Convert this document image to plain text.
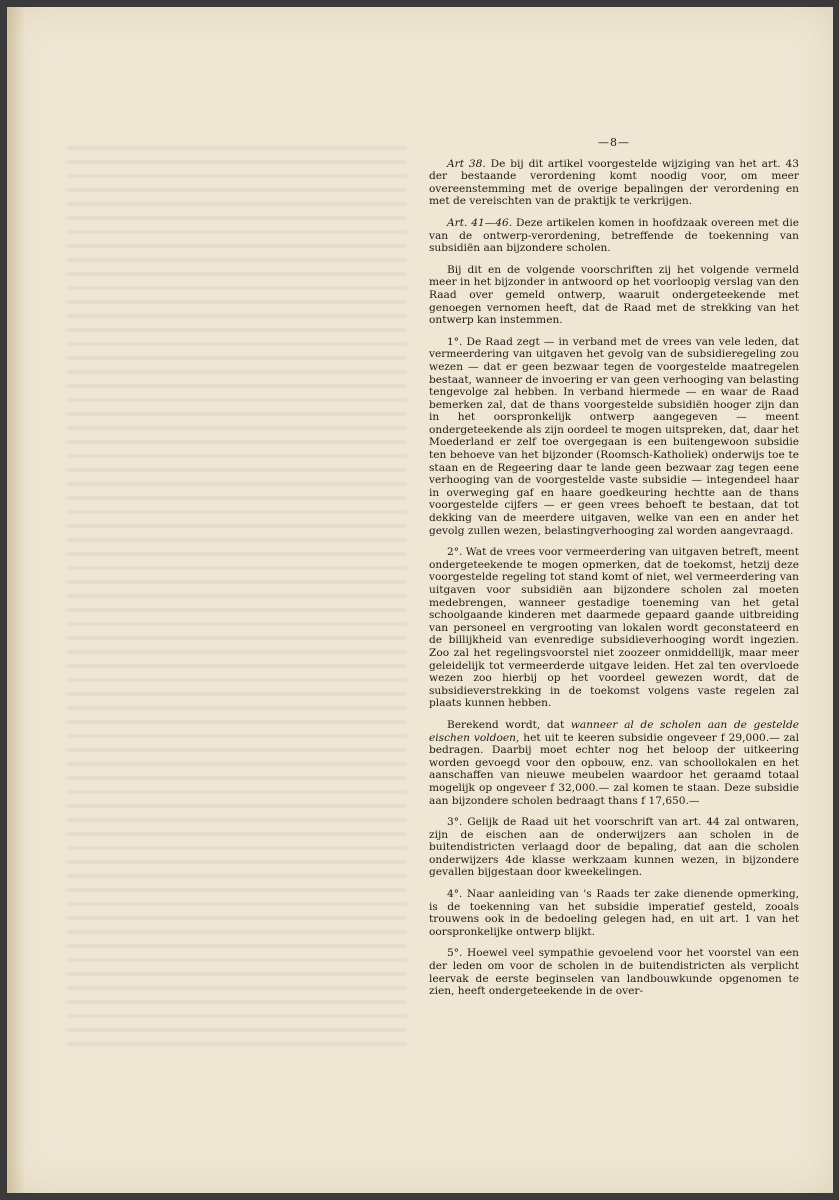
—8—

Art 38. De bij dit artikel voorgestelde wijziging van het art. 43 der bestaande verordening komt noodig voor, om meer overeenstemming met de overige bepalingen der verordening en met de vereischten van de praktijk te verkrijgen.

Art. 41—46. Deze artikelen komen in hoofdzaak overeen met die van de ontwerp-verordening, betreffende de toekenning van subsidiën aan bijzondere scholen.

Bij dit en de volgende voorschriften zij het volgende vermeld meer in het bijzonder in antwoord op het voorloopig verslag van den Raad over gemeld ontwerp, waaruit ondergeteekende met genoegen vernomen heeft, dat de Raad met de strekking van het ontwerp kan instemmen.

1°. De Raad zegt — in verband met de vrees van vele leden, dat vermeerdering van uitgaven het gevolg van de subsidieregeling zou wezen — dat er geen bezwaar tegen de voorgestelde maatregelen bestaat, wanneer de invoering er van geen verhooging van belasting tengevolge zal hebben. In verband hiermede — en waar de Raad bemerken zal, dat de thans voorgestelde subsidiën hooger zijn dan in het oorspronkelijk ontwerp aangegeven — meent ondergeteekende als zijn oordeel te mogen uitspreken, dat, daar het Moederland er zelf toe overgegaan is een buitengewoon subsidie ten behoeve van het bijzonder (Roomsch-Katholiek) onderwijs toe te staan en de Regeering daar te lande geen bezwaar zag tegen eene verhooging van de voorgestelde vaste subsidie — integendeel haar in overweging gaf en haare goedkeuring hechtte aan de thans voorgestelde cijfers — er geen vrees behoeft te bestaan, dat tot dekking van de meerdere uitgaven, welke van een en ander het gevolg zullen wezen, belastingverhooging zal worden aangevraagd.

2°. Wat de vrees voor vermeerdering van uitgaven betreft, meent ondergeteekende te mogen opmerken, dat de toekomst, hetzij deze voorgestelde regeling tot stand komt of niet, wel vermeerdering van uitgaven voor subsidiën aan bijzondere scholen zal moeten medebrengen, wanneer gestadige toeneming van het getal schoolgaande kinderen met daarmede gepaard gaande uitbreiding van personeel en vergrooting van lokalen wordt geconstateerd en de billijkheid van evenredige subsidieverhooging wordt ingezien. Zoo zal het regelingsvoorstel niet zoozeer onmiddellijk, maar meer geleidelijk tot vermeerderde uitgave leiden. Het zal ten overvloede wezen zoo hierbij op het voordeel gewezen wordt, dat de subsidieverstrekking in de toekomst volgens vaste regelen zal plaats kunnen hebben.

Berekend wordt, dat wanneer al de scholen aan de gestelde eischen voldoen, het uit te keeren subsidie ongeveer f 29,000.— zal bedragen. Daarbij moet echter nog het beloop der uitkeering worden gevoegd voor den opbouw, enz. van schoollokalen en het aanschaffen van nieuwe meubelen waardoor het geraamd totaal mogelijk op ongeveer f 32,000.— zal komen te staan. Deze subsidie aan bijzondere scholen bedraagt thans f 17,650.—

3°. Gelijk de Raad uit het voorschrift van art. 44 zal ontwaren, zijn de eischen aan de onderwijzers aan scholen in de buitendistricten verlaagd door de bepaling, dat aan die scholen onderwijzers 4de klasse werkzaam kunnen wezen, in bijzondere gevallen bijgestaan door kweekelingen.

4°. Naar aanleiding van 's Raads ter zake dienende opmerking, is de toekenning van het subsidie imperatief gesteld, zooals trouwens ook in de bedoeling gelegen had, en uit art. 1 van het oorspronkelijke ontwerp blijkt.

5°. Hoewel veel sympathie gevoelend voor het voorstel van een der leden om voor de scholen in de buitendistricten als verplicht leervak de eerste beginselen van landbouwkunde opgenomen te zien, heeft ondergeteekende in de over-
